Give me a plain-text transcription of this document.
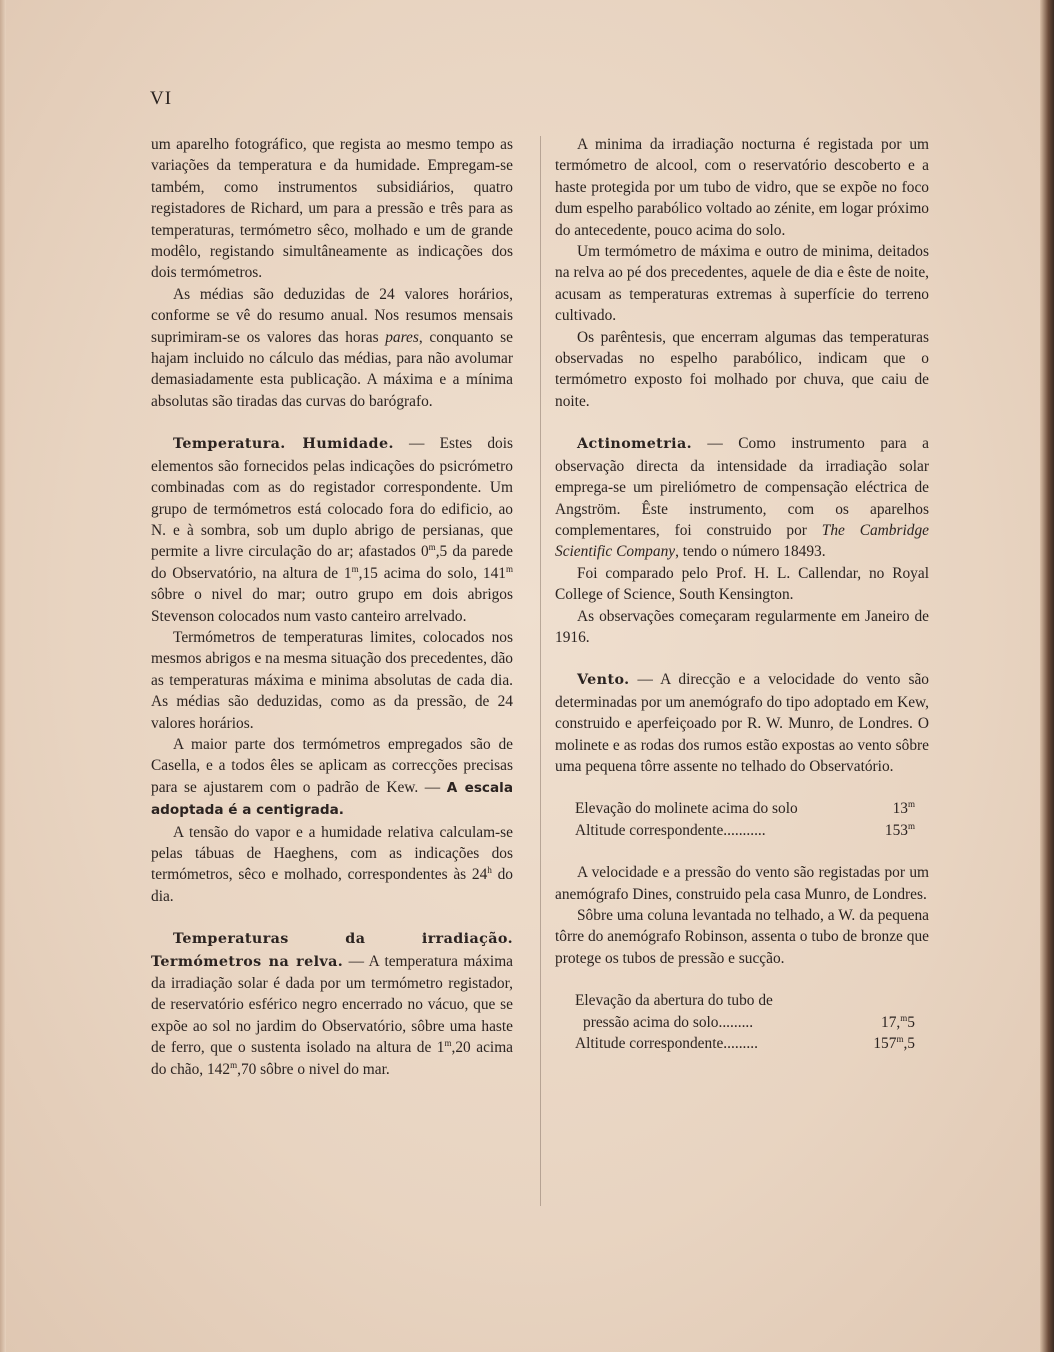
VI

um aparelho fotográfico, que regista ao mesmo tempo as variações da temperatura e da humidade. Empregam-se também, como instrumentos subsidiários, quatro registadores de Richard, um para a pressão e três para as temperaturas, termómetro sêco, molhado e um de grande modêlo, registando simultâneamente as indicações dos dois termómetros.

As médias são deduzidas de 24 valores horários, conforme se vê do resumo anual. Nos resumos mensais suprimiram-se os valores das horas pares, conquanto se hajam incluido no cálculo das médias, para não avolumar demasiadamente esta publicação. A máxima e a mínima absolutas são tiradas das curvas do barógrafo.

Temperatura. Humidade. — Estes dois elementos são fornecidos pelas indicações do psicrómetro combinadas com as do registador correspondente. Um grupo de termómetros está colocado fora do edificio, ao N. e à sombra, sob um duplo abrigo de persianas, que permite a livre circulação do ar; afastados 0$^m$,5 da parede do Observatório, na altura de 1$^m$,15 acima do solo, 141$^m$ sôbre o nivel do mar; outro grupo em dois abrigos Stevenson colocados num vasto canteiro arrelvado.

Termómetros de temperaturas limites, colocados nos mesmos abrigos e na mesma situação dos precedentes, dão as temperaturas máxima e minima absolutas de cada dia. As médias são deduzidas, como as da pressão, de 24 valores horários.

A maior parte dos termómetros empregados são de Casella, e a todos êles se aplicam as correcções precisas para se ajustarem com o padrão de Kew. — A escala adoptada é a centigrada.

A tensão do vapor e a humidade relativa calculam-se pelas tábuas de Haeghens, com as indicações dos termómetros, sêco e molhado, correspondentes às 24$^h$ do dia.

Temperaturas da irradiação. Termómetros na relva. — A temperatura máxima da irradiação solar é dada por um termómetro registador, de reservatório esférico negro encerrado no vácuo, que se expõe ao sol no jardim do Observatório, sôbre uma haste de ferro, que o sustenta isolado na altura de 1$^m$,20 acima do chão, 142$^m$,70 sôbre o nivel do mar.

A minima da irradiação nocturna é registada por um termómetro de alcool, com o reservatório descoberto e a haste protegida por um tubo de vidro, que se expõe no foco dum espelho parabólico voltado ao zénite, em logar próximo do antecedente, pouco acima do solo.

Um termómetro de máxima e outro de minima, deitados na relva ao pé dos precedentes, aquele de dia e êste de noite, acusam as temperaturas extremas à superfície do terreno cultivado.

Os parêntesis, que encerram algumas das temperaturas observadas no espelho parabólico, indicam que o termómetro exposto foi molhado por chuva, que caiu de noite.

Actinometria. — Como instrumento para a observação directa da intensidade da irradiação solar emprega-se um pireliómetro de compensação eléctrica de Angström. Êste instrumento, com os aparelhos complementares, foi construido por The Cambridge Scientific Company, tendo o número 18493.

Foi comparado pelo Prof. H. L. Callendar, no Royal College of Science, South Kensington.

As observações começaram regularmente em Janeiro de 1916.

Vento. — A direcção e a velocidade do vento são determinadas por um anemógrafo do tipo adoptado em Kew, construido e aperfeiçoado por R. W. Munro, de Londres. O molinete e as rodas dos rumos estão expostas ao vento sôbre uma pequena tôrre assente no telhado do Observatório.

Elevação do molinete acima do solo	13$^m$
Altitude correspondente...........	153$^m$

A velocidade e a pressão do vento são registadas por um anemógrafo Dines, construido pela casa Munro, de Londres.

Sôbre uma coluna levantada no telhado, a W. da pequena tôrre do anemógrafo Robinson, assenta o tubo de bronze que protege os tubos de pressão e sucção.

Elevação da abertura do tubo de
pressão acima do solo.........	17,$^m$5
Altitude correspondente.........	157$^m$,5
